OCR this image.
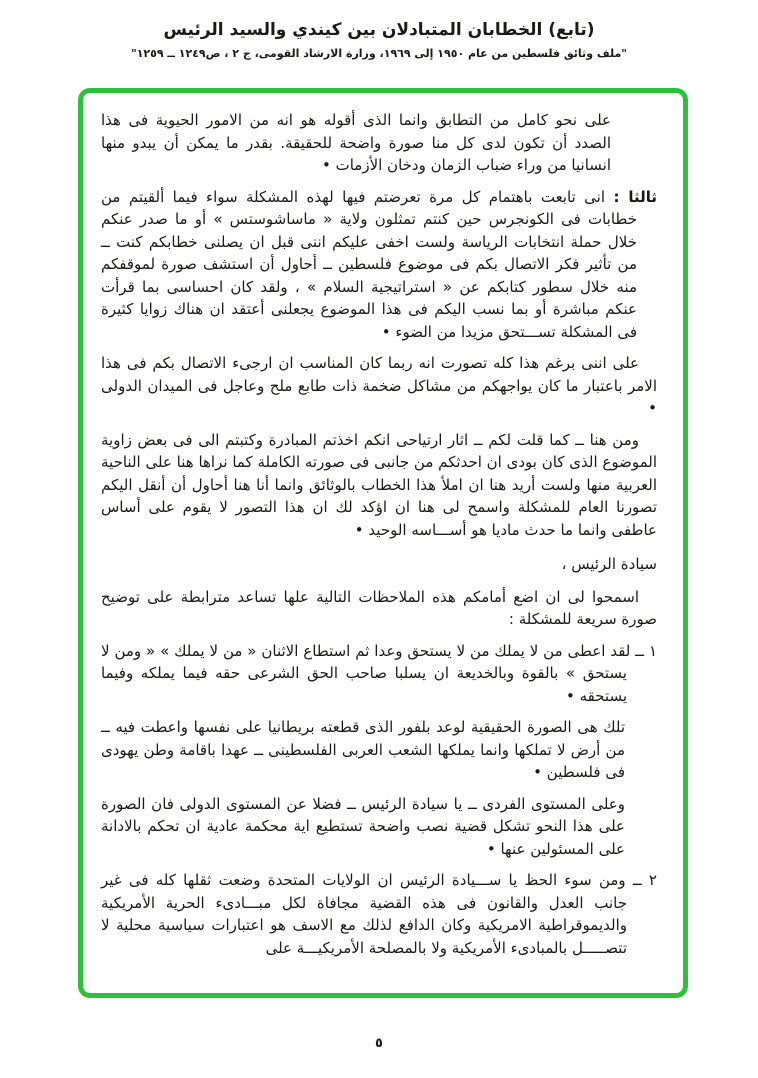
(تابع) الخطابان المتبادلان بين كيندي والسيد الرئيس
"ملف وثائق فلسطين من عام ١٩٥٠ إلى ١٩٦٩، وزارة الارشاد القومى، ج ٢ ، ص١٢٤٩ ــ ١٢٥٩"

على نحو كامل من التطابق وانما الذى أقوله هو انه من الامور الحيوية فى هذا الصدد أن تكون لدى كل منا صورة واضحة للحقيقة. بقدر ما يمكن أن يبدو منها انسانيا من وراء ضباب الزمان ودخان الأزمات •

ثالثا : انى تابعت باهتمام كل مرة تعرضتم فيها لهذه المشكلة سواء فيما ألقيتم من خطابات فى الكونجرس حين كنتم تمثلون ولاية « ماساشوستس » أو ما صدر عنكم خلال حملة انتخابات الرياسة ولست اخفى عليكم اننى قبل ان يصلنى خطابكم كنت ــ من تأثير فكر الاتصال بكم فى موضوع فلسطين ــ أحاول أن استشف صورة لموقفكم منه خلال سطور كتابكم عن « استراتيجية السلام » ، ولقد كان احساسى بما قرأت عنكم مباشرة أو بما نسب اليكم فى هذا الموضوع يجعلنى أعتقد ان هناك زوايا كثيرة فى المشكلة تســـتحق مزيدا من الضوء •

على اننى برغم هذا كله تصورت انه ربما كان المناسب ان ارجىء الاتصال بكم فى هذا الامر باعتبار ما كان يواجهكم من مشاكل ضخمة ذات طابع ملح وعاجل فى الميدان الدولى •

ومن هنا ــ كما قلت لكم ــ اثار ارتياحى انكم اخذتم المبادرة وكتبتم الى فى بعض زاوية الموضوع الذى كان بودى ان احدثكم من جانبى فى صورته الكاملة كما نراها هنا على الناحية العربية منها ولست أريد هنا ان املأ هذا الخطاب بالوثائق وانما أنا هنا أحاول أن أنقل اليكم تصورنا العام للمشكلة واسمح لى هنا ان اؤكد لك ان هذا التصور لا يقوم على أساس عاطفى وانما ما حدث ماديا هو أســـاسه الوحيد •

سيادة الرئيس ،

اسمحوا لى ان اضع أمامكم هذه الملاحظات التالية علها تساعد مترابطة على توضيح صورة سريعة للمشكلة :

١ ــ لقد اعطى من لا يملك من لا يستحق وعدا ثم استطاع الاثنان « من لا يملك » « ومن لا يستحق » بالقوة وبالخديعة ان يسلبا صاحب الحق الشرعى حقه فيما يملكه وفيما يستحقه •

تلك هى الصورة الحقيقية لوعد بلفور الذى قطعته بريطانيا على نفسها واعطت فيه ــ من أرض لا تملكها وانما يملكها الشعب العربى الفلسطينى ــ عهدا باقامة وطن يهودى فى فلسطين •

وعلى المستوى الفردى ــ يا سيادة الرئيس ــ فضلا عن المستوى الدولى فان الصورة على هذا النحو تشكل قضية نصب واضحة تستطيع اية محكمة عادية ان تحكم بالادانة على المسئولين عنها •

٢ ــ ومن سوء الحظ يا ســـيادة الرئيس ان الولايات المتحدة وضعت ثقلها كله فى غير جانب العدل والقانون فى هذه القضية مجافاة لكل مبـــادىء الحرية الأمريكية والديموقراطية الامريكية وكان الدافع لذلك مع الاسف هو اعتبارات سياسية محلية لا تتصـــــل بالمبادىء الأمريكية ولا بالمصلحة الأمريكيـــة على

٥
